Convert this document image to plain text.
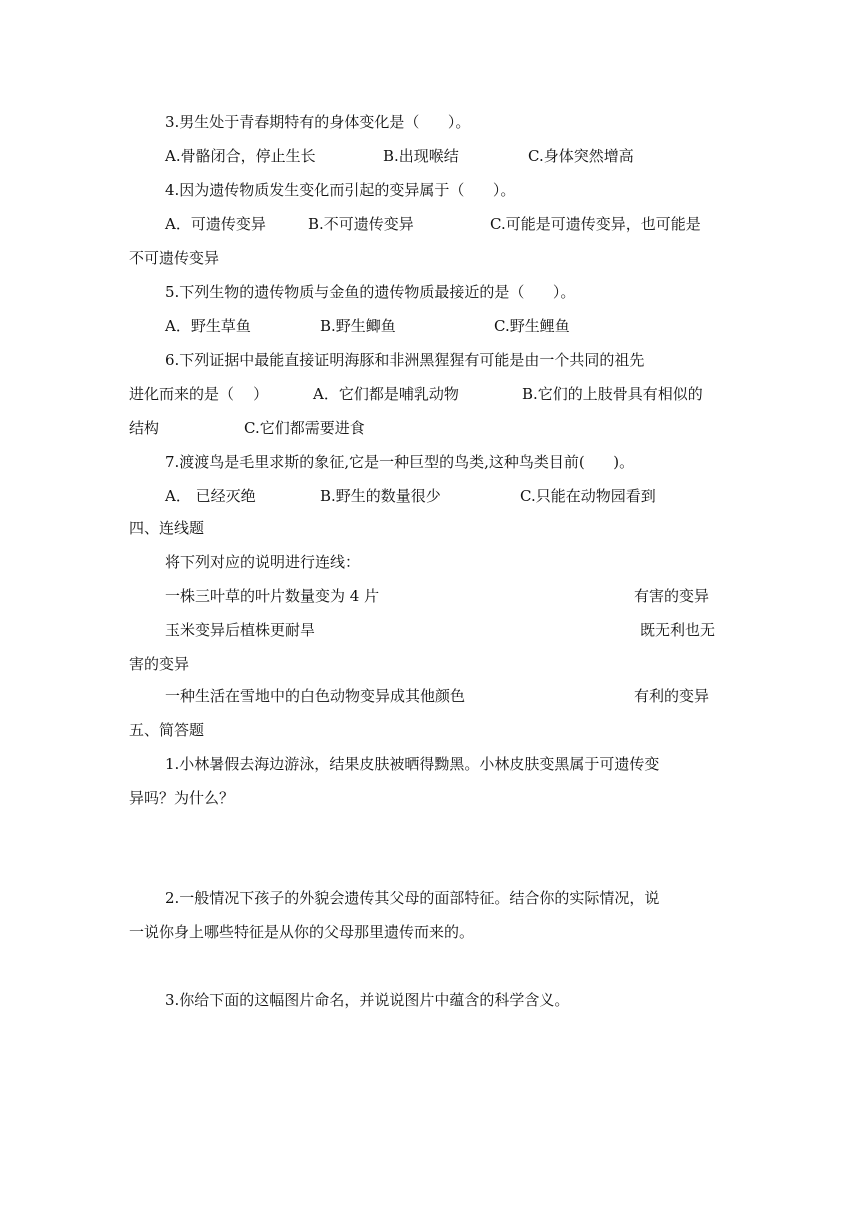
3.男生处于青春期特有的身体变化是（      ）。
A.骨骼闭合，停止生长	B.出现喉结	C.身体突然增高
4.因为遗传物质发生变化而引起的变异属于（      ）。
A．可遗传变异	B.不可遗传变异	C.可能是可遗传变异，也可能是
不可遗传变异
5.下列生物的遗传物质与金鱼的遗传物质最接近的是（      ）。
A．野生草鱼	B.野生鲫鱼	C.野生鲤鱼
6.下列证据中最能直接证明海豚和非洲黑猩猩有可能是由一个共同的祖先
进化而来的是（    ）	A．它们都是哺乳动物	B.它们的上肢骨具有相似的
结构	C.它们都需要进食
7.渡渡鸟是毛里求斯的象征,它是一种巨型的鸟类,这种鸟类目前(      )。
A． 已经灭绝	B.野生的数量很少	C.只能在动物园看到
四、连线题
将下列对应的说明进行连线：
一株三叶草的叶片数量变为 4 片	有害的变异
玉米变异后植株更耐旱	既无利也无
害的变异
一种生活在雪地中的白色动物变异成其他颜色	有利的变异
五、简答题
1.小林暑假去海边游泳，结果皮肤被晒得黝黑。小林皮肤变黑属于可遗传变
异吗？为什么？
2.一般情况下孩子的外貌会遗传其父母的面部特征。结合你的实际情况，说
一说你身上哪些特征是从你的父母那里遗传而来的。
3.你给下面的这幅图片命名，并说说图片中蕴含的科学含义。
